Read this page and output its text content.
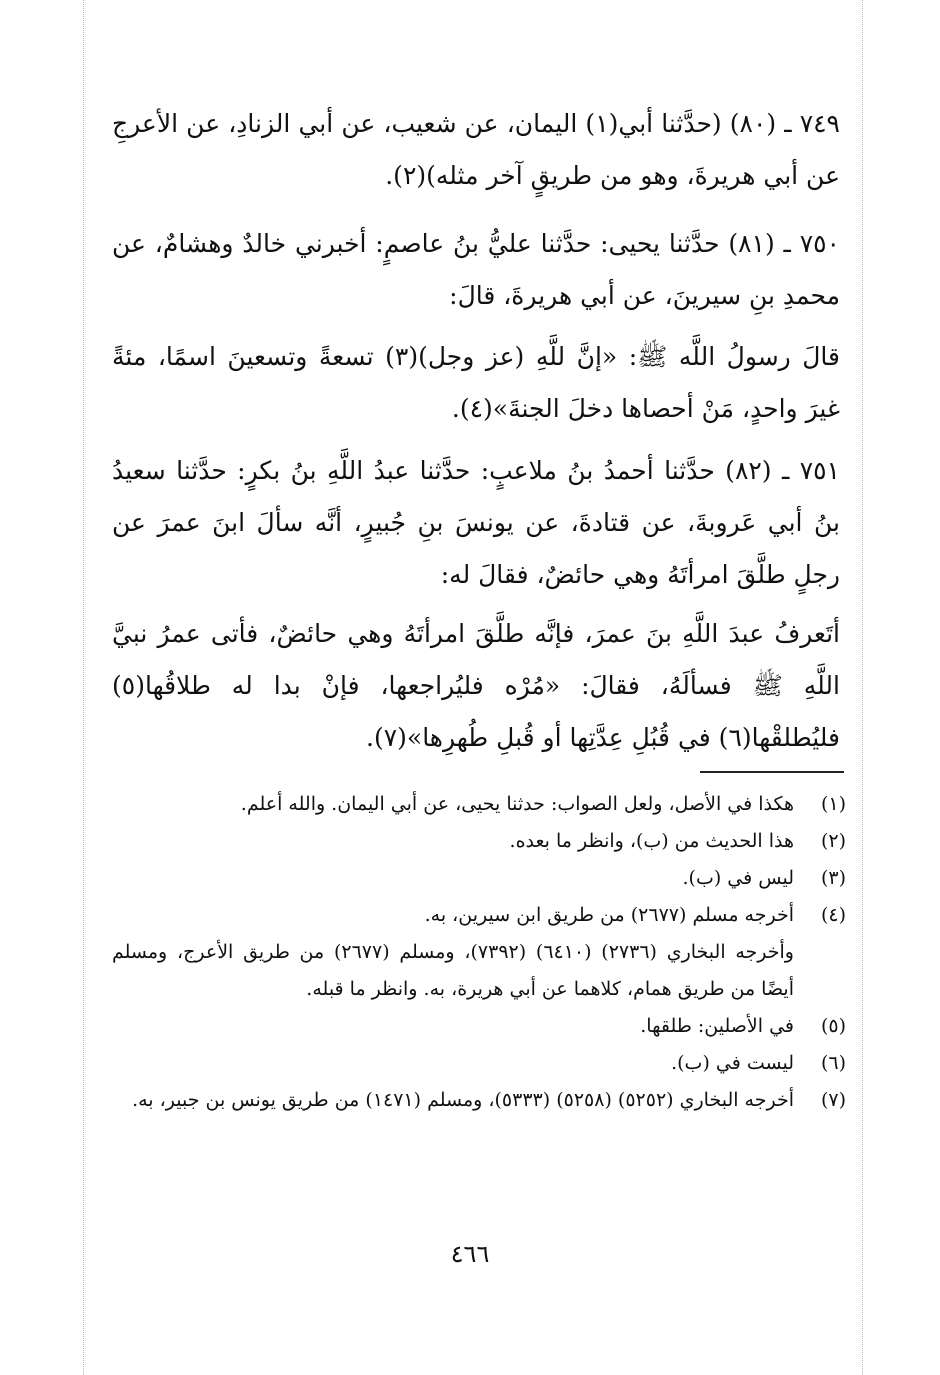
٧٤٩ ـ (٨٠) (حدَّثنا أبي(١) اليمان، عن شعيب، عن أبي الزنادِ، عن الأعرجِ عن أبي هريرةَ، وهو من طريقٍ آخر مثله)(٢).

٧٥٠ ـ (٨١) حدَّثنا يحيى: حدَّثنا عليُّ بنُ عاصمٍ: أخبرني خالدٌ وهشامٌ، عن محمدِ بنِ سيرينَ، عن أبي هريرةَ، قالَ:

قالَ رسولُ اللَّه ﷺ: «إنَّ للَّهِ (عز وجل)(٣) تسعةً وتسعينَ اسمًا، مئةً غيرَ واحدٍ، مَنْ أحصاها دخلَ الجنةَ»(٤).

٧٥١ ـ (٨٢) حدَّثنا أحمدُ بنُ ملاعبٍ: حدَّثنا عبدُ اللَّهِ بنُ بكرٍ: حدَّثنا سعيدُ بنُ أبي عَروبةَ، عن قتادةَ، عن يونسَ بنِ جُبيرٍ، أنَّه سألَ ابنَ عمرَ عن رجلٍ طلَّقَ امرأتَهُ وهي حائضٌ، فقالَ له:

أتَعرفُ عبدَ اللَّهِ بنَ عمرَ، فإنَّه طلَّقَ امرأتَهُ وهي حائضٌ، فأتى عمرُ نبيَّ اللَّهِ ﷺ فسألَهُ، فقالَ: «مُرْه فليُراجعها، فإنْ بدا له طلاقُها(٥) فليُطلقْها(٦) في قُبُلِ عِدَّتِها أو قُبلِ طُهرِها»(٧).

(١)
هكذا في الأصل، ولعل الصواب: حدثنا يحيى، عن أبي اليمان. والله أعلم.
(٢)
هذا الحديث من (ب)، وانظر ما بعده.
(٣)
ليس في (ب).
(٤)
أخرجه مسلم (٢٦٧٧) من طريق ابن سيرين، به.
وأخرجه البخاري (٢٧٣٦) (٦٤١٠) (٧٣٩٢)، ومسلم (٢٦٧٧) من طريق الأعرج، ومسلم أيضًا من طريق همام، كلاهما عن أبي هريرة، به. وانظر ما قبله.
(٥)
في الأصلين: طلقها.
(٦)
ليست في (ب).
(٧)
أخرجه البخاري (٥٢٥٢) (٥٢٥٨) (٥٣٣٣)، ومسلم (١٤٧١) من طريق يونس بن جبير، به.
٤٦٦
